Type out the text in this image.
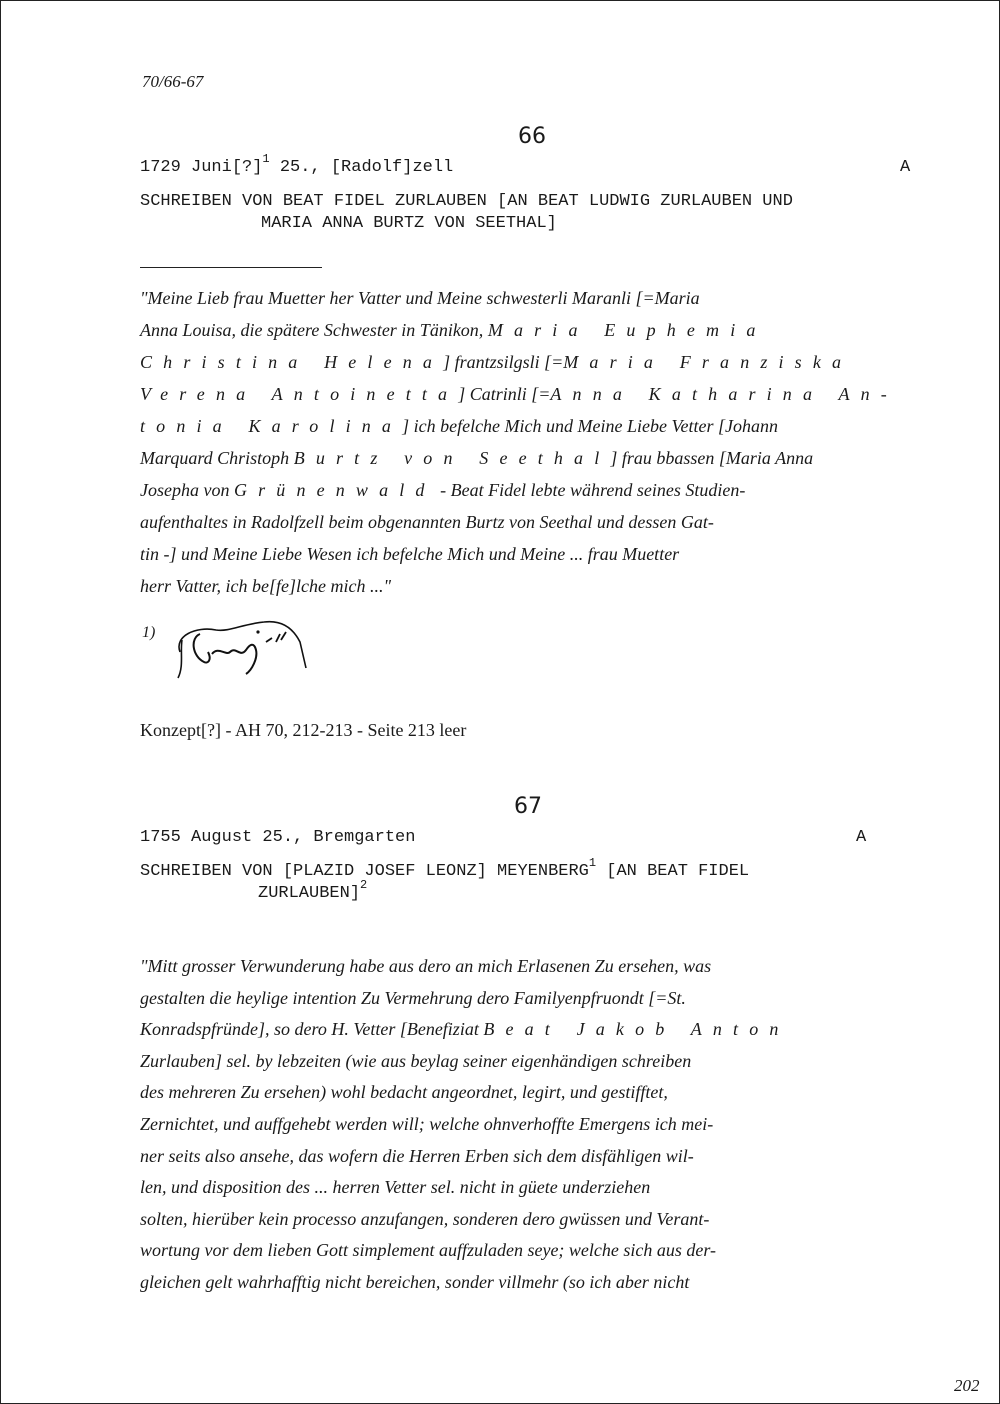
70/66-67
66
1729 Juni[?]$^1$ 25., [Radolf]zell	A
SCHREIBEN VON BEAT FIDEL ZURLAUBEN [AN BEAT LUDWIG ZURLAUBEN UND
MARIA ANNA BURTZ VON SEETHAL]
"Meine Lieb frau Muetter her Vatter und Meine schwesterli Maranli [=Maria
Anna Louisa, die spätere Schwester in Tänikon, Maria Euphemia
Christina Helena] frantzsilgsli [=Maria Franziska
Verena Antoinetta] Catrinli [=Anna Katharina An-
tonia Karolina] ich befelche Mich und Meine Liebe Vetter [Johann
Marquard Christoph Burtz von Seethal] frau bbassen [Maria Anna
Josepha von Grünenwald - Beat Fidel lebte während seines Studien-
aufenthaltes in Radolfzell beim obgenannten Burtz von Seethal und dessen Gat-
tin -] und Meine Liebe Wesen ich befelche Mich und Meine ... frau Muetter
herr Vatter, ich be[fe]lche mich ..."
1)
Konzept[?] - AH 70, 212-213 - Seite 213 leer
67
1755 August 25., Bremgarten	A
SCHREIBEN VON [PLAZID JOSEF LEONZ] MEYENBERG$^1$ [AN BEAT FIDEL
ZURLAUBEN]$^2$
"Mitt grosser Verwunderung habe aus dero an mich Erlasenen Zu ersehen, was
gestalten die heylige intention Zu Vermehrung dero Familyenpfruondt [=St.
Konradspfründe], so dero H. Vetter [Benefiziat Beat Jakob Anton
Zurlauben] sel. by lebzeiten (wie aus beylag seiner eigenhändigen schreiben
des mehreren Zu ersehen) wohl bedacht angeordnet, legirt, und gestifftet,
Zernichtet, und auffgehebt werden will; welche ohnverhoffte Emergens ich mei-
ner seits also ansehe, das wofern die Herren Erben sich dem disfähligen wil-
len, und disposition des ... herren Vetter sel. nicht in güete underziehen
solten, hierüber kein processo anzufangen, sonderen dero gwüssen und Verant-
wortung vor dem lieben Gott simplement auffzuladen seye; welche sich aus der-
gleichen gelt wahrhafftig nicht bereichen, sonder villmehr (so ich aber nicht
202
